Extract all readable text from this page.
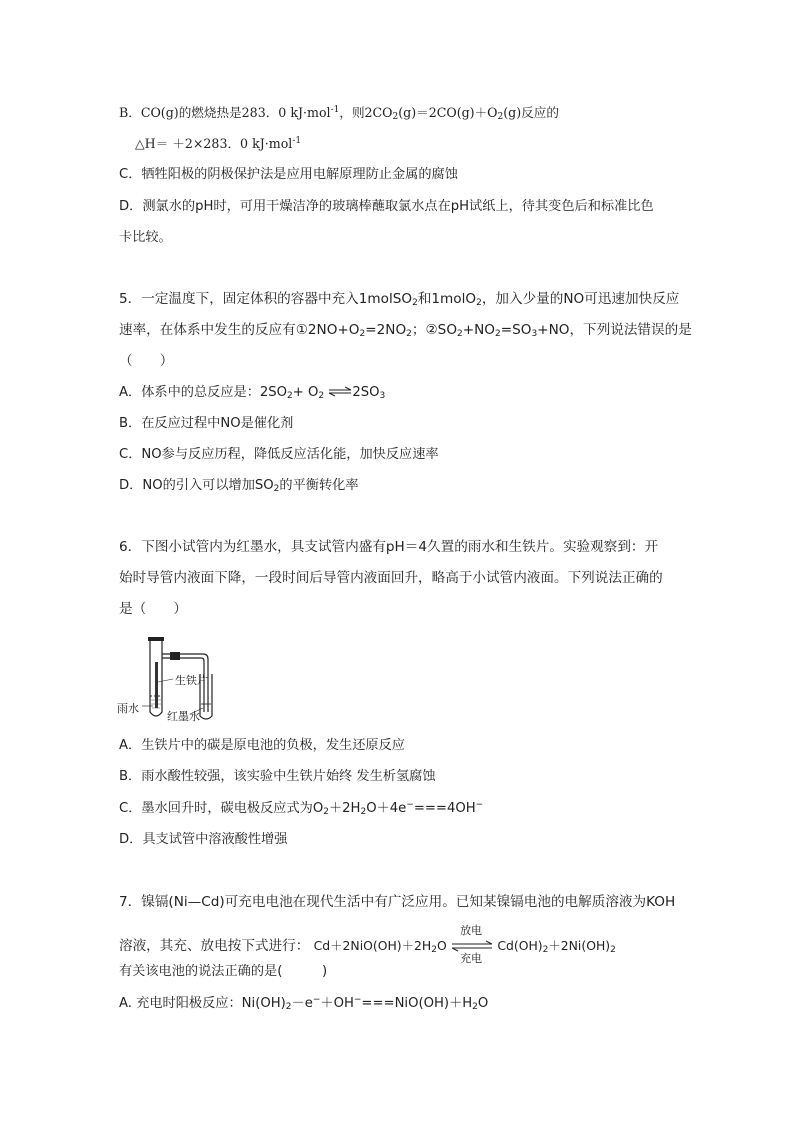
B．CO(g)的燃烧热是283．0 kJ·mol$^{-1}$，则$2CO_2(g)=2CO(g)+O_2(g)$反应的
△H＝ ＋2×283．0 kJ·mol$^{-1}$
C．牺牲阳极的阴极保护法是应用电解原理防止金属的腐蚀
D．测氯水的pH时，可用干燥洁净的玻璃棒蘸取氯水点在pH试纸上，待其变色后和标准比色
卡比较。
5．一定温度下，固定体积的容器中充入1molSO$_2$和1molO$_2$，加入少量的NO可迅速加快反应
速率，在体系中发生的反应有$①2NO+O_2=2NO_2$；$②SO_2+NO_2=SO_3+NO$，下列说法错误的是
（　　）
A．体系中的总反应是：$2SO_2+ O_2$ $\rightleftharpoons 2SO_3$
B．在反应过程中NO是催化剂
C．NO参与反应历程，降低反应活化能，加快反应速率
D．NO的引入可以增加$SO_2$的平衡转化率
6．下图小试管内为红墨水，具支试管内盛有pH＝4久置的雨水和生铁片。实验观察到：开
始时导管内液面下降，一段时间后导管内液面回升，略高于小试管内液面。下列说法正确的
是（　　）
生铁片
雨水
红墨水
A．生铁片中的碳是原电池的负极，发生还原反应
B．雨水酸性较强，该实验中生铁片始终 发生析氢腐蚀
C．墨水回升时，碳电极反应式为$O_2+2H_2O+4e^-===4OH^-$
D．具支试管中溶液酸性增强
7．镍镉(Ni—Cd)可充电电池在现代生活中有广泛应用。已知某镍镉电池的电解质溶液为KOH
溶液，其充、放电按下式进行： $Cd+2NiO(OH)+2H_2O$
放电
充电
$Cd(OH)_2+2Ni(OH)_2$
有关该电池的说法正确的是(　　　)
A. 充电时阳极反应：$Ni(OH)_2-e^-+OH^-===NiO(OH)+H_2O$
